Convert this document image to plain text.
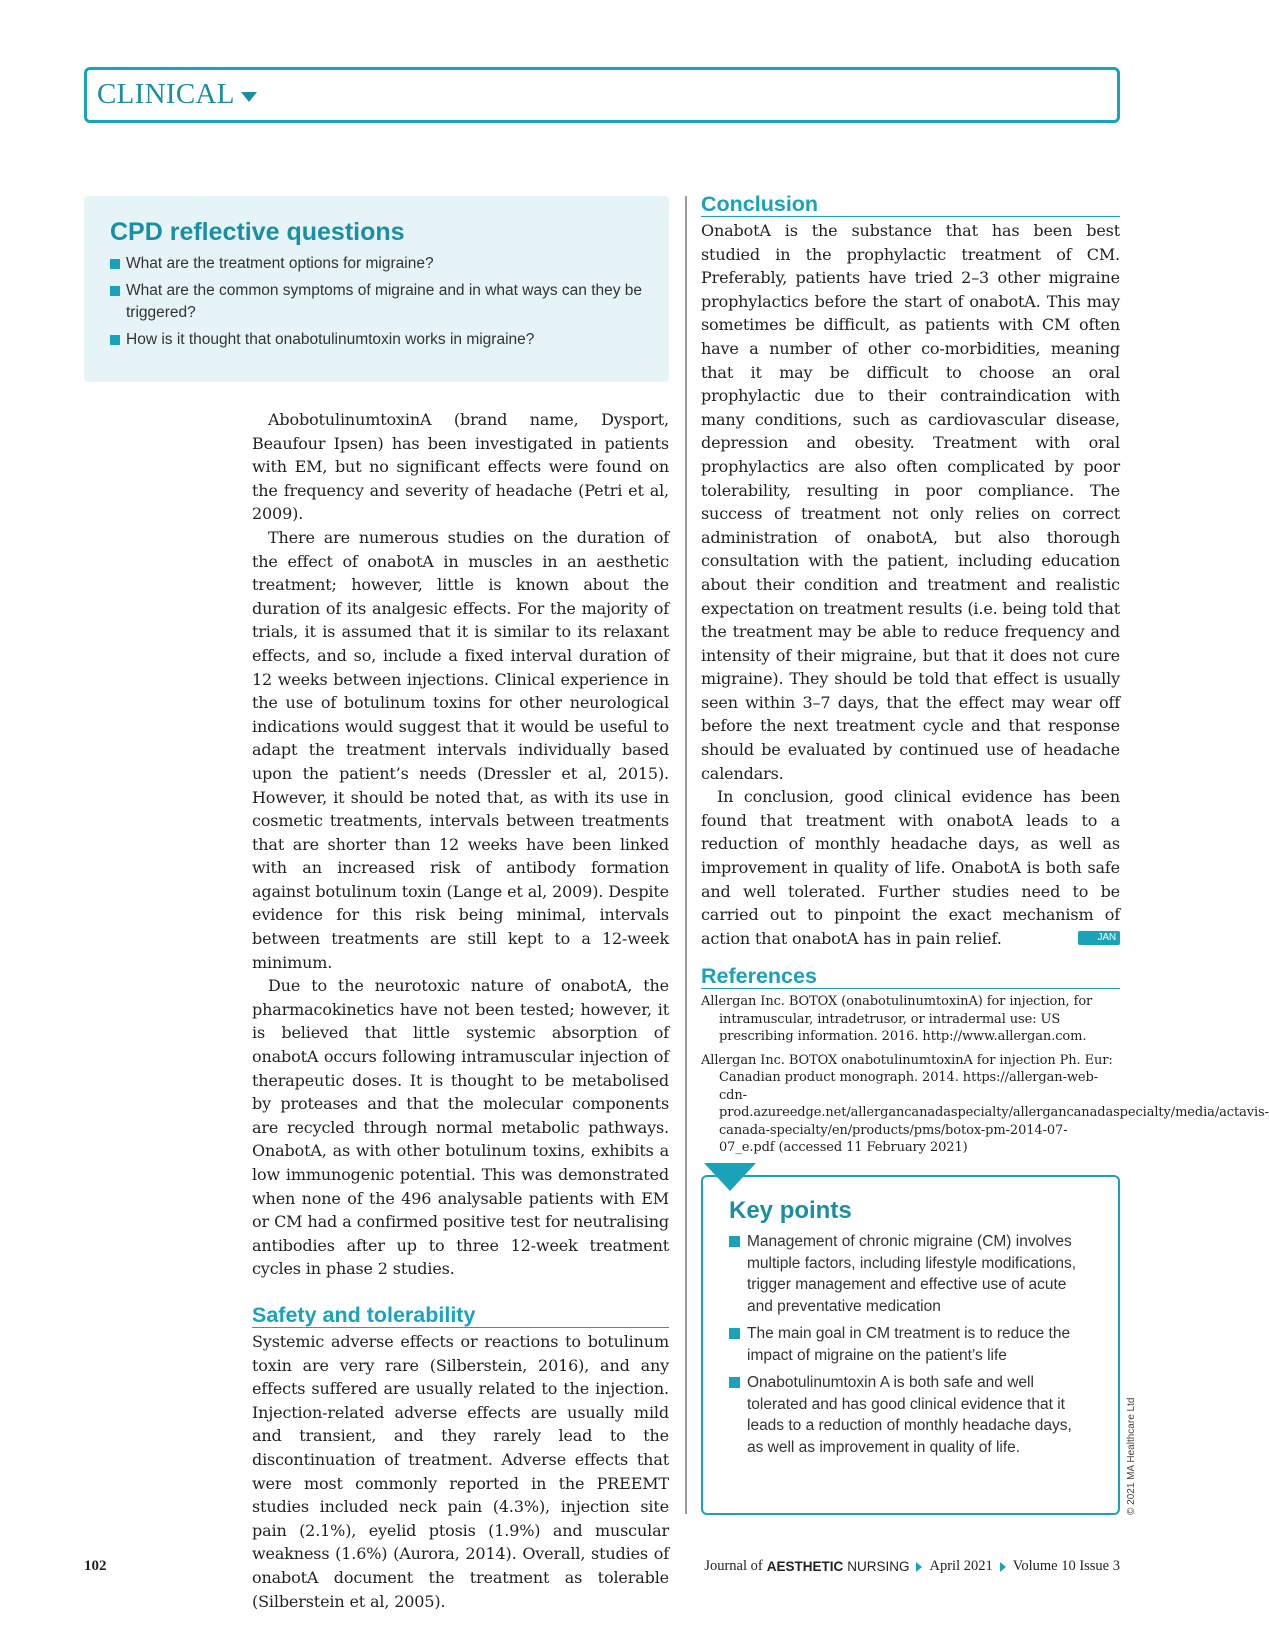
CLINICAL
CPD reflective questions
What are the treatment options for migraine?
What are the common symptoms of migraine and in what ways can they be triggered?
How is it thought that onabotulinumtoxin works in migraine?

AbobotulinumtoxinA (brand name, Dysport, Beaufour Ipsen) has been investigated in patients with EM, but no significant effects were found on the frequency and severity of headache (Petri et al, 2009).

There are numerous studies on the duration of the effect of onabotA in muscles in an aesthetic treatment; however, little is known about the duration of its analgesic effects. For the majority of trials, it is assumed that it is similar to its relaxant effects, and so, include a fixed interval duration of 12 weeks between injections. Clinical experience in the use of botulinum toxins for other neurological indications would suggest that it would be useful to adapt the treatment intervals individually based upon the patient’s needs (Dressler et al, 2015). However, it should be noted that, as with its use in cosmetic treatments, intervals between treatments that are shorter than 12 weeks have been linked with an increased risk of antibody formation against botulinum toxin (Lange et al, 2009). Despite evidence for this risk being minimal, intervals between treatments are still kept to a 12-week minimum.

Due to the neurotoxic nature of onabotA, the pharmacokinetics have not been tested; however, it is believed that little systemic absorption of onabotA occurs following intramuscular injection of therapeutic doses. It is thought to be metabolised by proteases and that the molecular components are recycled through normal metabolic pathways. OnabotA, as with other botulinum toxins, exhibits a low immunogenic potential. This was demonstrated when none of the 496 analysable patients with EM or CM had a confirmed positive test for neutralising antibodies after up to three 12-week treatment cycles in phase 2 studies.

Safety and tolerability

Systemic adverse effects or reactions to botulinum toxin are very rare (Silberstein, 2016), and any effects suffered are usually related to the injection. Injection-related adverse effects are usually mild and transient, and they rarely lead to the discontinuation of treatment. Adverse effects that were most commonly reported in the PREEMT studies included neck pain (4.3%), injection site pain (2.1%), eyelid ptosis (1.9%) and muscular weakness (1.6%) (Aurora, 2014). Overall, studies of onabotA document the treatment as tolerable (Silberstein et al, 2005).

Conclusion

OnabotA is the substance that has been best studied in the prophylactic treatment of CM. Preferably, patients have tried 2–3 other migraine prophylactics before the start of onabotA. This may sometimes be difficult, as patients with CM often have a number of other co-morbidities, meaning that it may be difficult to choose an oral prophylactic due to their contraindication with many conditions, such as cardiovascular disease, depression and obesity. Treatment with oral prophylactics are also often complicated by poor tolerability, resulting in poor compliance. The success of treatment not only relies on correct administration of onabotA, but also thorough consultation with the patient, including education about their condition and treatment and realistic expectation on treatment results (i.e. being told that the treatment may be able to reduce frequency and intensity of their migraine, but that it does not cure migraine). They should be told that effect is usually seen within 3–7 days, that the effect may wear off before the next treatment cycle and that response should be evaluated by continued use of headache calendars.

In conclusion, good clinical evidence has been found that treatment with onabotA leads to a reduction of monthly headache days, as well as improvement in quality of life. OnabotA is both safe and well tolerated. Further studies need to be carried out to pinpoint the exact mechanism of action that onabotA has in pain relief.	JAN

References

Allergan Inc. BOTOX (onabotulinumtoxinA) for injection, for intramuscular, intradetrusor, or intradermal use: US prescribing information. 2016. http://www.allergan.com.

Allergan Inc. BOTOX onabotulinumtoxinA for injection Ph. Eur: Canadian product monograph. 2014. https://allergan-web-cdn-prod.azureedge.net/allergancanadaspecialty/allergancanadaspecialty/media/actavis-canada-specialty/en/products/pms/botox-pm-2014-07-07_e.pdf (accessed 11 February 2021)

Key points
Management of chronic migraine (CM) involves multiple factors, including lifestyle modifications, trigger management and effective use of acute and preventative medication
The main goal in CM treatment is to reduce the impact of migraine on the patient’s life
Onabotulinumtoxin A is both safe and well tolerated and has good clinical evidence that it leads to a reduction of monthly headache days, as well as improvement in quality of life.	© 2021 MA Healthcare Ltd
102	Journal of AESTHETIC NURSING April 2021 Volume 10 Issue 3
